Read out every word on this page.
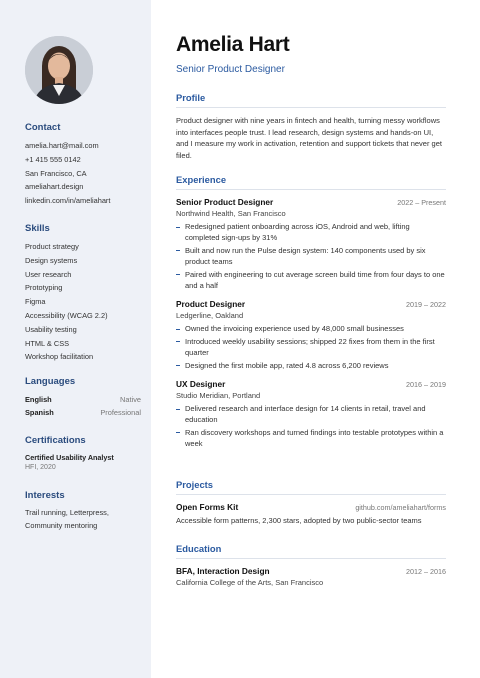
Contact
amelia.hart@mail.com
+1 415 555 0142
San Francisco, CA
ameliahart.design
linkedin.com/in/ameliahart
Skills
Product strategy
Design systems
User research
Prototyping
Figma
Accessibility (WCAG 2.2)
Usability testing
HTML & CSS
Workshop facilitation
Languages
English	Native
Spanish	Professional
Certifications
Certified Usability Analyst
HFI, 2020
Interests
Trail running, Letterpress, Community mentoring
Amelia Hart
Senior Product Designer
Profile
Product designer with nine years in fintech and health, turning messy workflows into interfaces people trust. I lead research, design systems and hands-on UI, and I measure my work in activation, retention and support tickets that never get filed.
Experience
Senior Product Designer	2022 – Present
Northwind Health, San Francisco
Redesigned patient onboarding across iOS, Android and web, lifting completed sign-ups by 31%
Built and now run the Pulse design system: 140 components used by six product teams
Paired with engineering to cut average screen build time from four days to one and a half
Product Designer	2019 – 2022
Ledgerline, Oakland
Owned the invoicing experience used by 48,000 small businesses
Introduced weekly usability sessions; shipped 22 fixes from them in the first quarter
Designed the first mobile app, rated 4.8 across 6,200 reviews
UX Designer	2016 – 2019
Studio Meridian, Portland
Delivered research and interface design for 14 clients in retail, travel and education
Ran discovery workshops and turned findings into testable prototypes within a week
Projects
Open Forms Kit	github.com/ameliahart/forms
Accessible form patterns, 2,300 stars, adopted by two public-sector teams
Education
BFA, Interaction Design	2012 – 2016
California College of the Arts, San Francisco
